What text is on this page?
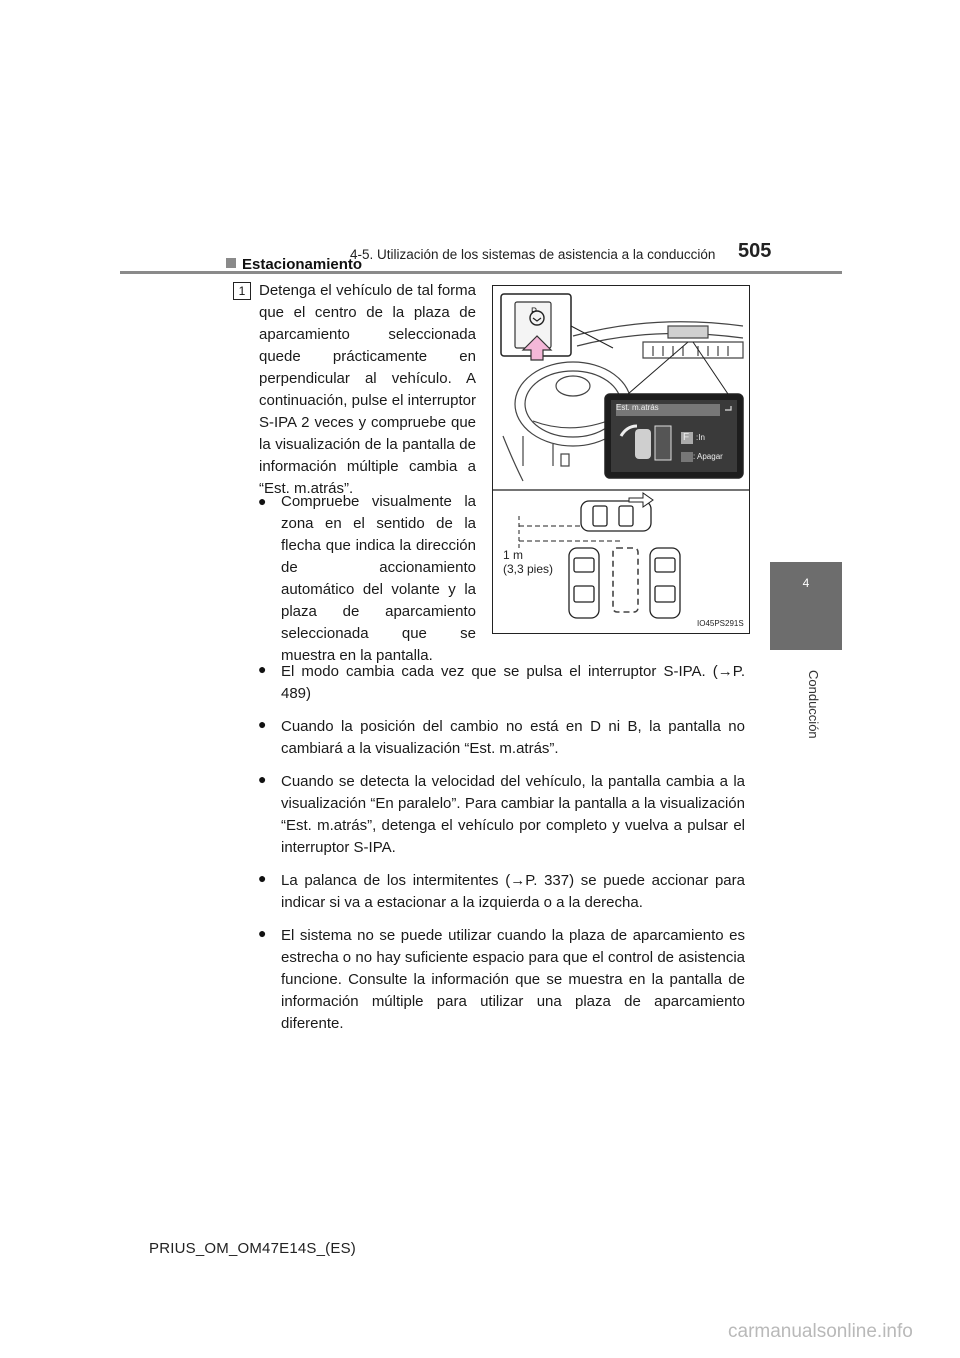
4-5. Utilización de los sistemas de asistencia a la conducción 505
4
Conducción
Estacionamiento
1 Detenga el vehículo de tal forma que el centro de la plaza de aparcamiento seleccionada quede prácticamente en perpendicular al vehículo. A continuación, pulse el interruptor S-IPA 2 veces y compruebe que la visualización de la pantalla de información múltiple cambia a “Est. m.atrás”.
● Compruebe visualmente la zona en el sentido de la flecha que indica la dirección de accionamiento automático del volante y la plaza de aparcamiento seleccionada que se muestra en la pantalla.
● El modo cambia cada vez que se pulsa el interruptor S-IPA. (→P. 489)
● Cuando la posición del cambio no está en D ni B, la pantalla no cambiará a la visualización “Est. m.atrás”.
● Cuando se detecta la velocidad del vehículo, la pantalla cambia a la visualización “En paralelo”. Para cambiar la pantalla a la visualización “Est. m.atrás”, detenga el vehículo por completo y vuelva a pulsar el interruptor S-IPA.
● La palanca de los intermitentes (→P. 337) se puede accionar para indicar si va a estacionar a la izquierda o a la derecha.
● El sistema no se puede utilizar cuando la plaza de aparcamiento es estrecha o no hay suficiente espacio para que el control de asistencia funcione. Consulte la información que se muestra en la pantalla de información múltiple para utilizar una plaza de aparcamiento diferente.
Est. m.atrás
F :In
: Apagar
P
1 m
(3,3 pies)
IO45PS291S
PRIUS_OM_OM47E14S_(ES)
carmanualsonline.info
